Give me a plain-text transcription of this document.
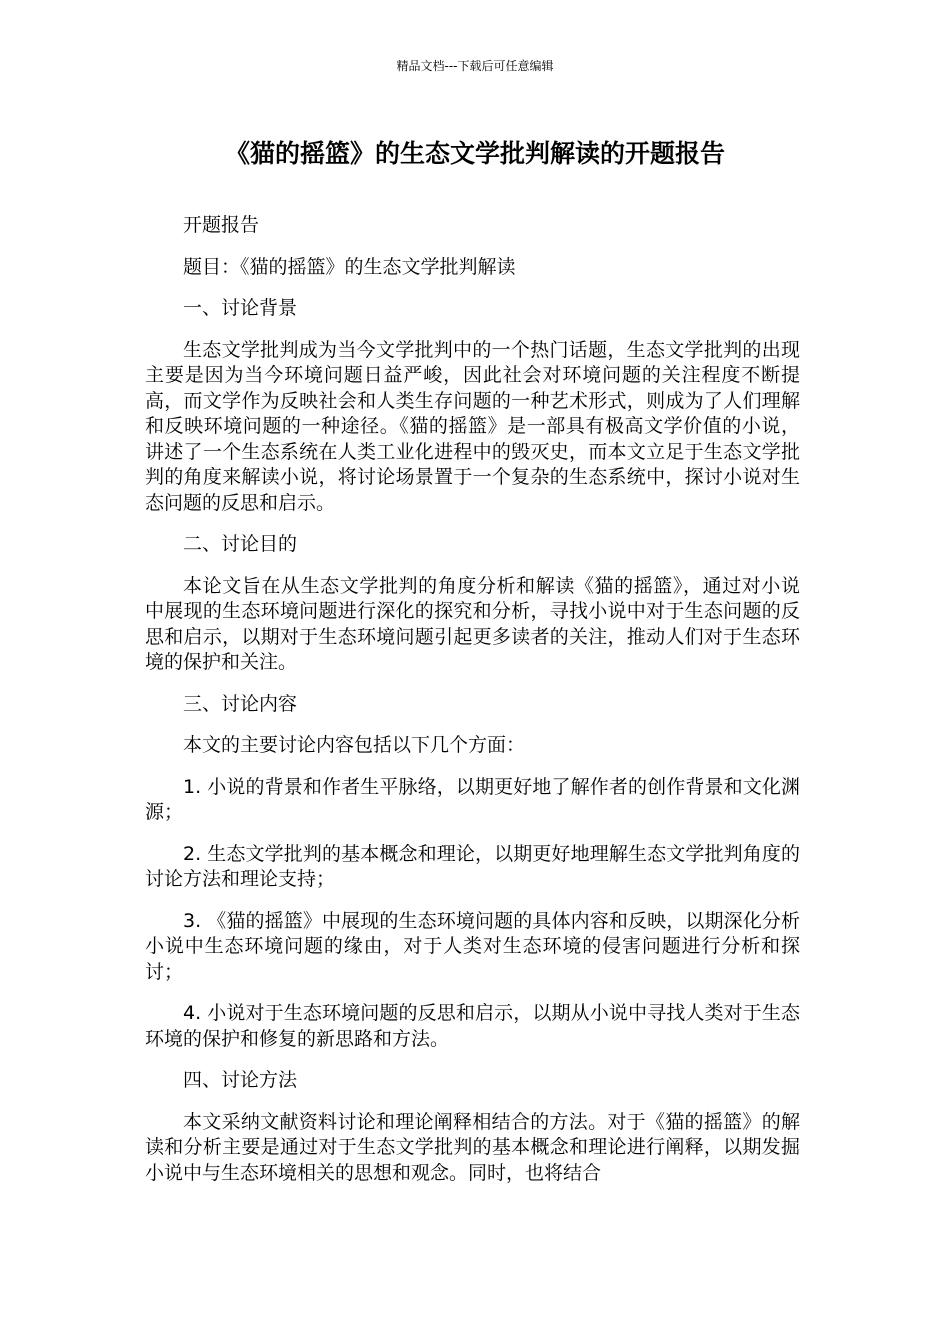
精品文档---下载后可任意编辑
《猫的摇篮》的生态文学批判解读的开题报告

开题报告

题目：《猫的摇篮》的生态文学批判解读

一、讨论背景

生态文学批判成为当今文学批判中的一个热门话题，生态文学批判的出现主要是因为当今环境问题日益严峻，因此社会对环境问题的关注程度不断提高，而文学作为反映社会和人类生存问题的一种艺术形式，则成为了人们理解和反映环境问题的一种途径。《猫的摇篮》是一部具有极高文学价值的小说，讲述了一个生态系统在人类工业化进程中的毁灭史，而本文立足于生态文学批判的角度来解读小说，将讨论场景置于一个复杂的生态系统中，探讨小说对生态问题的反思和启示。

二、讨论目的

本论文旨在从生态文学批判的角度分析和解读《猫的摇篮》，通过对小说中展现的生态环境问题进行深化的探究和分析，寻找小说中对于生态问题的反思和启示，以期对于生态环境问题引起更多读者的关注，推动人们对于生态环境的保护和关注。

三、讨论内容

本文的主要讨论内容包括以下几个方面：

1. 小说的背景和作者生平脉络，以期更好地了解作者的创作背景和文化渊源；

2. 生态文学批判的基本概念和理论，以期更好地理解生态文学批判角度的讨论方法和理论支持；

3. 《猫的摇篮》中展现的生态环境问题的具体内容和反映，以期深化分析小说中生态环境问题的缘由，对于人类对生态环境的侵害问题进行分析和探讨；

4. 小说对于生态环境问题的反思和启示，以期从小说中寻找人类对于生态环境的保护和修复的新思路和方法。

四、讨论方法

本文采纳文献资料讨论和理论阐释相结合的方法。对于《猫的摇篮》的解读和分析主要是通过对于生态文学批判的基本概念和理论进行阐释，以期发掘小说中与生态环境相关的思想和观念。同时，也将结合
